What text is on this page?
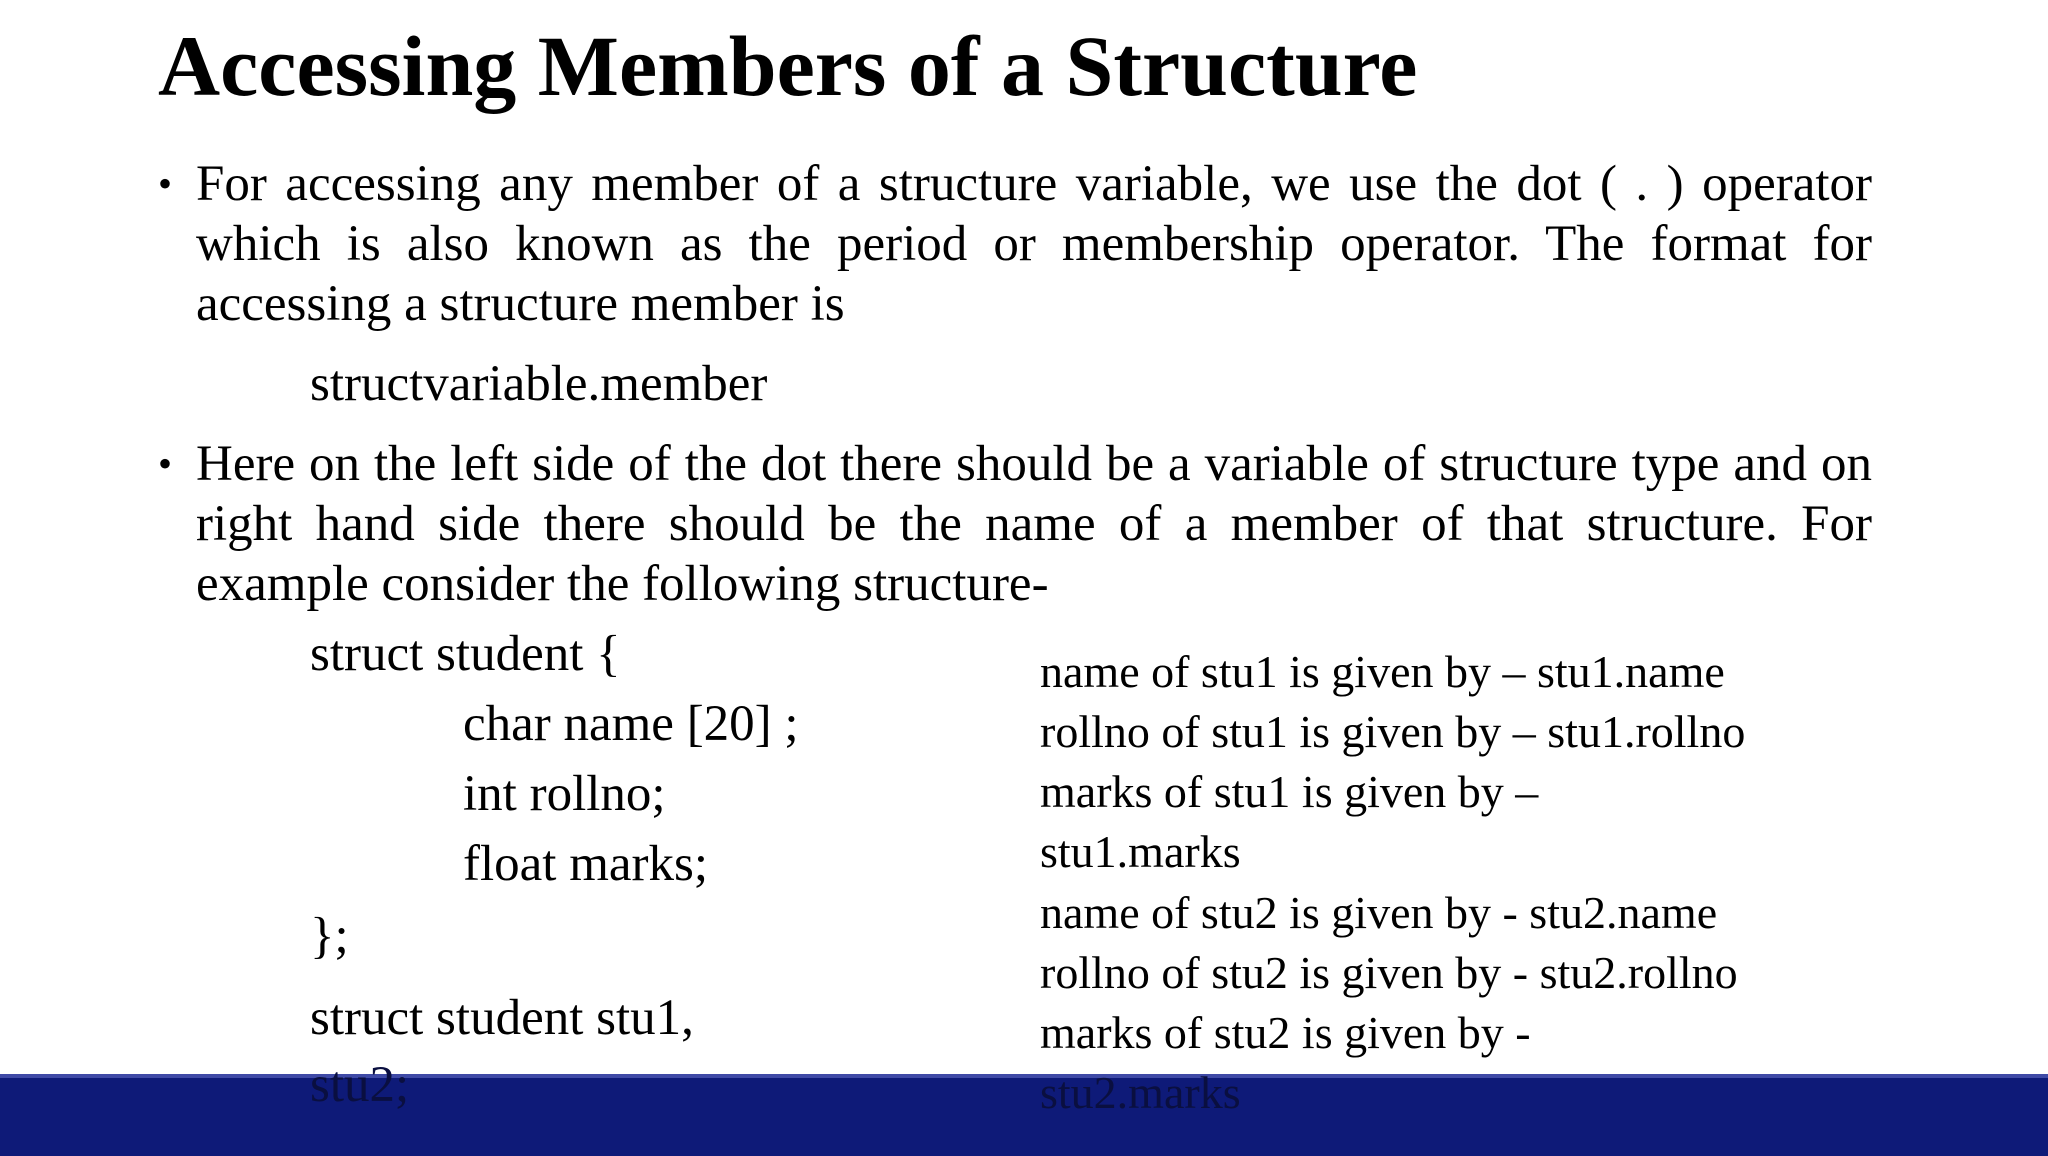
Accessing Members of a Structure
• For accessing any member of a structure variable, we use the dot ( . ) operator which is also known as the period or membership operator. The format for accessing a structure member is
structvariable.member
• Here on the left side of the dot there should be a variable of structure type and on right hand side there should be the name of a member of that structure. For example consider the following structure-
struct student {
char name [20] ;
int rollno;
float marks;
};
struct student stu1,
name of stu1 is given by – stu1.name
rollno of stu1 is given by – stu1.rollno
marks of stu1 is given by –
stu1.marks
name of stu2 is given by - stu2.name
rollno of stu2 is given by - stu2.rollno
marks of stu2 is given by -
stu2;	stu2.marks
